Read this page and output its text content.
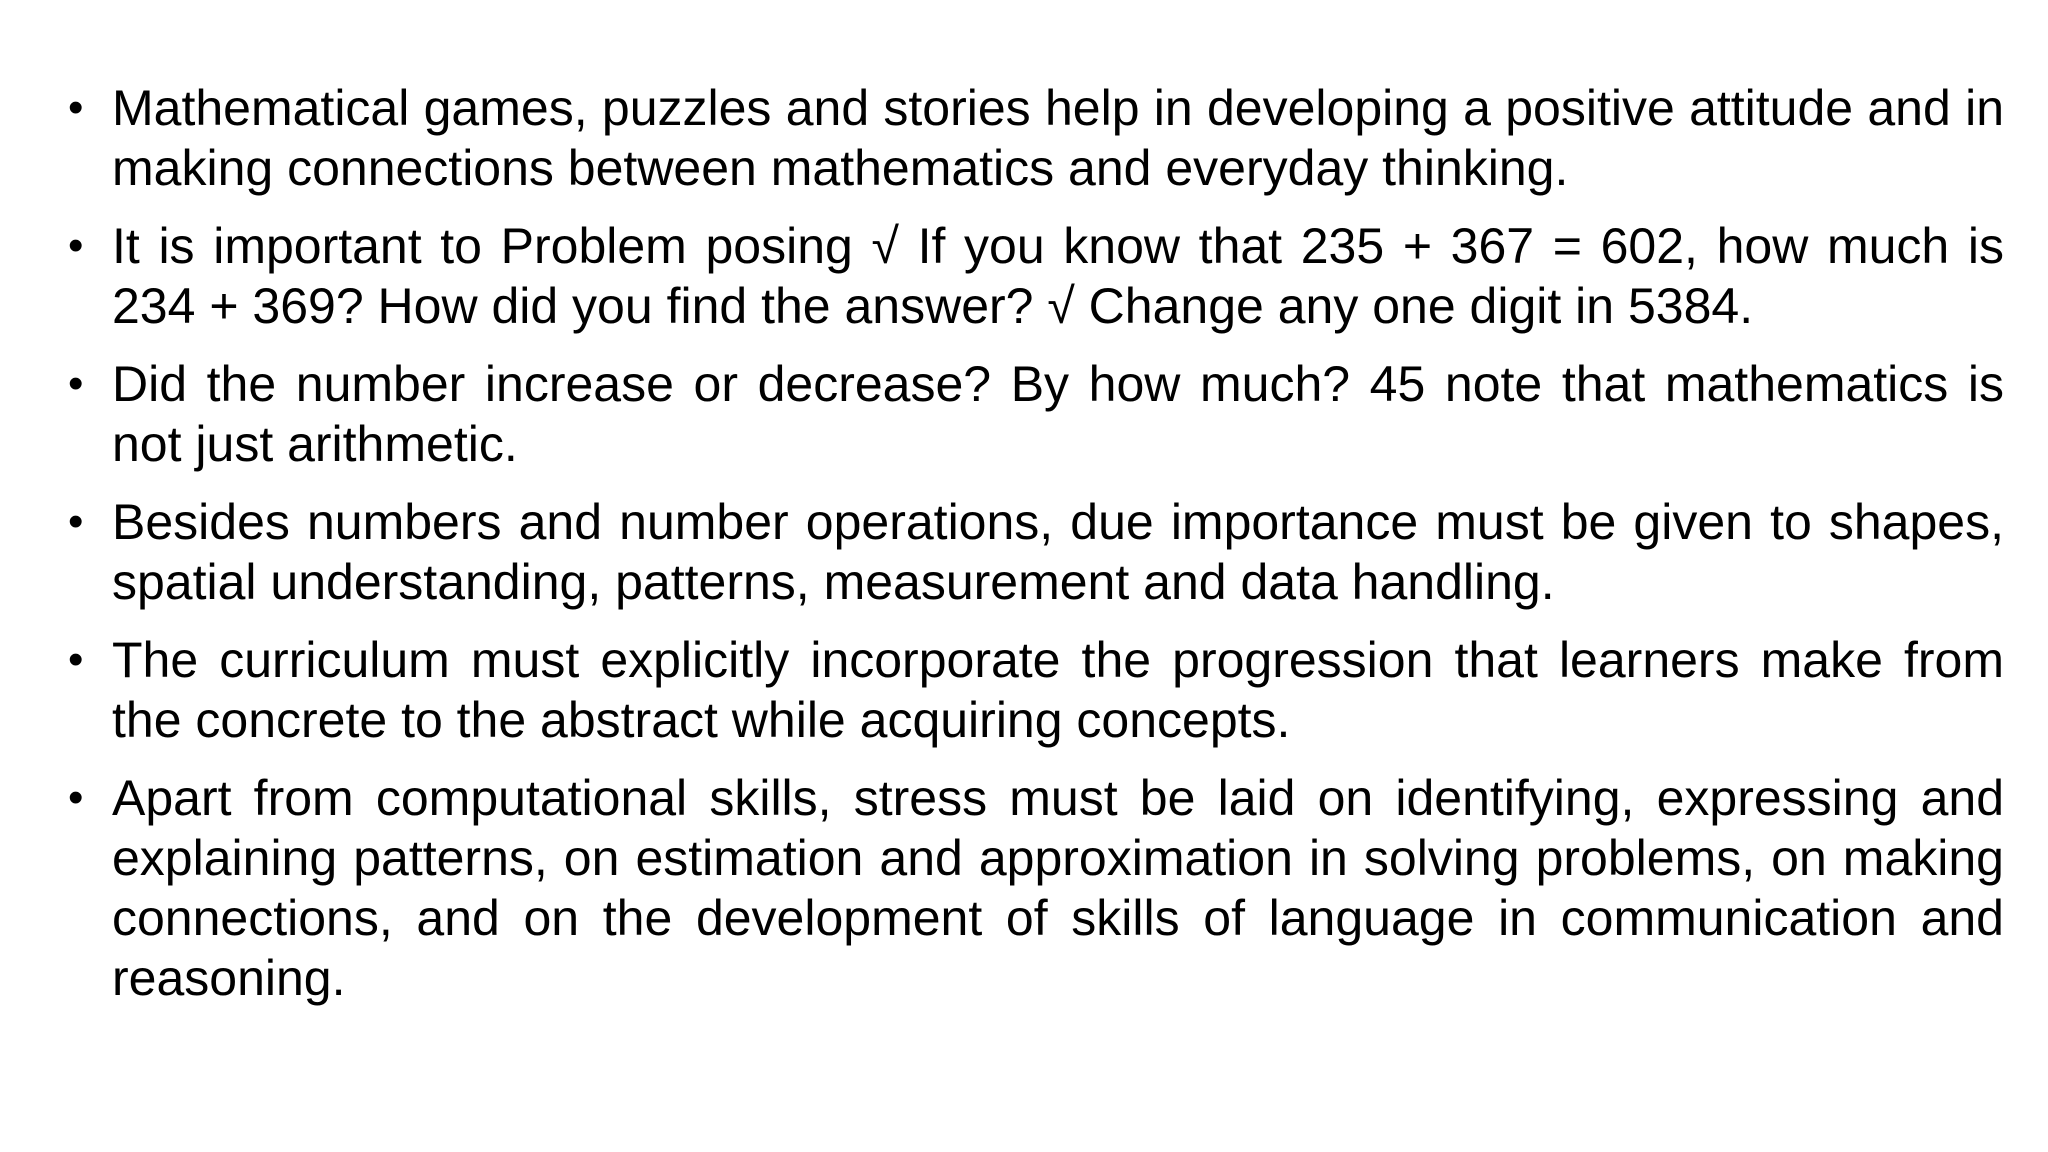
• Mathematical games, puzzles and stories help in developing a positive attitude and in making connections between mathematics and everyday thinking.
• It is important to Problem posing √ If you know that 235 + 367 = 602, how much is 234 + 369? How did you find the answer? √ Change any one digit in 5384.
• Did the number increase or decrease? By how much? 45 note that mathematics is not just arithmetic.
• Besides numbers and number operations, due importance must be given to shapes, spatial understanding, patterns, measurement and data handling.
• The curriculum must explicitly incorporate the progression that learners make from the concrete to the abstract while acquiring concepts.
• Apart from computational skills, stress must be laid on identifying, expressing and explaining patterns, on estimation and approximation in solving problems, on making connections, and on the development of skills of language in communication and reasoning.
